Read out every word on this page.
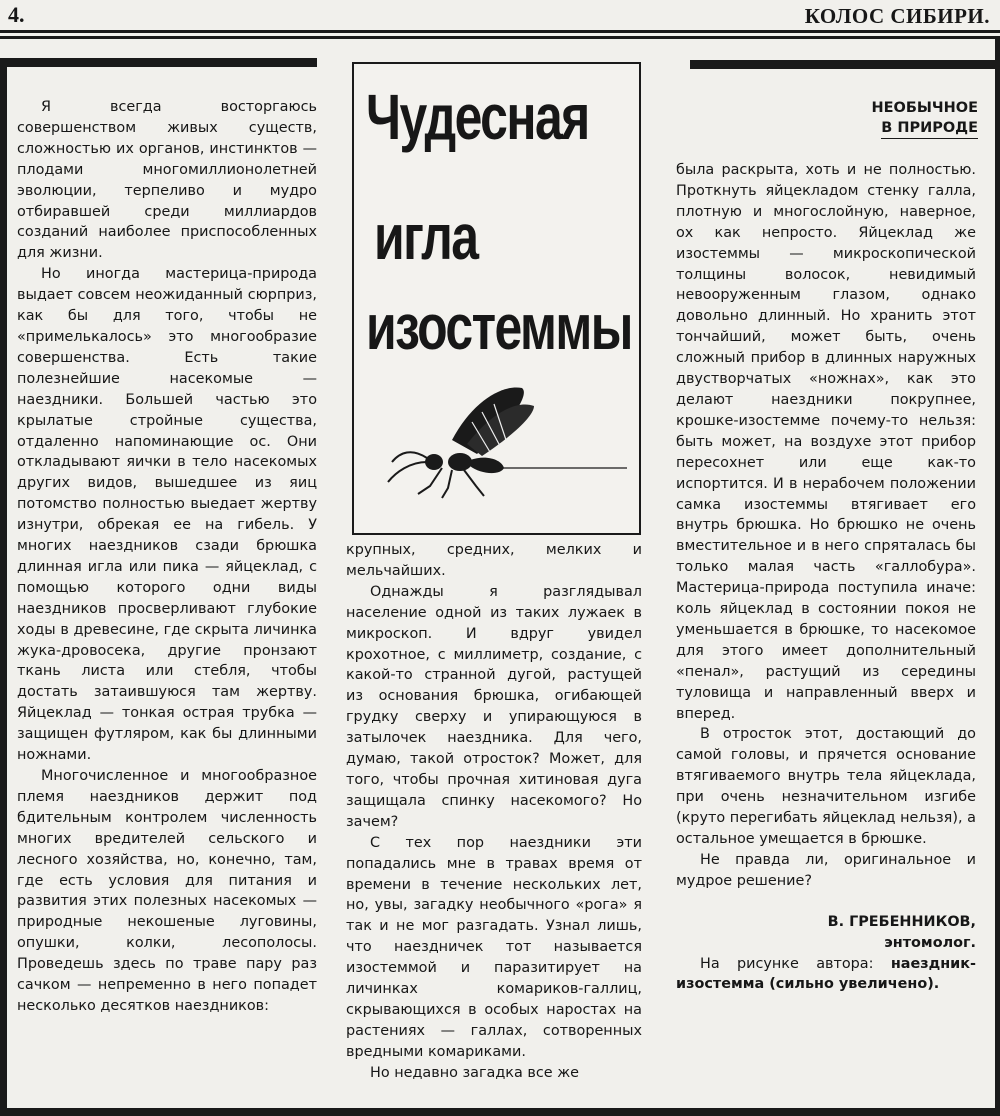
4.	КОЛОС СИБИРИ.

Я всегда восторгаюсь совершенством живых существ, сложностью их органов, инстинктов — плодами многомиллионолетней эволюции, терпеливо и мудро отбиравшей среди миллиардов созданий наиболее приспособленных для жизни.

Но иногда мастерица-природа выдает совсем неожиданный сюрприз, как бы для того, чтобы не «примелькалось» это многообразие совершенства. Есть такие полезнейшие насекомые — наездники. Большей частью это крылатые стройные существа, отдаленно напоминающие ос. Они откладывают яички в тело насекомых других видов, вышедшее из яиц потомство полностью выедает жертву изнутри, обрекая ее на гибель. У многих наездников сзади брюшка длинная игла или пика — яйцеклад, с помощью которого одни виды наездников просверливают глубокие ходы в древесине, где скрыта личинка жука-дровосека, другие пронзают ткань листа или стебля, чтобы достать затаившуюся там жертву. Яйцеклад — тонкая острая трубка — защищен футляром, как бы длинными ножнами.

Многочисленное и многообразное племя наездников держит под бдительным контролем численность многих вредителей сельского и лесного хозяйства, но, конечно, там, где есть условия для питания и развития этих полезных насекомых — природные некошеные луговины, опушки, колки, лесополосы. Проведешь здесь по траве пару раз сачком — непременно в него попадет несколько десятков наездников:

Чудесная
игла
изостеммы
НЕОБЫЧНОЕ
В ПРИРОДЕ

крупных, средних, мелких и мельчайших.

Однажды я разглядывал население одной из таких лужаек в микроскоп. И вдруг увидел крохотное, с миллиметр, создание, с какой-то странной дугой, растущей из основания брюшка, огибающей грудку сверху и упирающуюся в затылочек наездника. Для чего, думаю, такой отросток? Может, для того, чтобы прочная хитиновая дуга защищала спинку насекомого? Но зачем?

С тех пор наездники эти попадались мне в травах время от времени в течение нескольких лет, но, увы, загадку необычного «рога» я так и не мог разгадать. Узнал лишь, что наездничек тот называется изостеммой и паразитирует на личинках комариков-галлиц, скрывающихся в особых наростах на растениях — галлах, сотворенных вредными комариками.

Но недавно загадка все же

была раскрыта, хоть и не полностью. Проткнуть яйцекладом стенку галла, плотную и многослойную, наверное, ох как непросто. Яйцеклад же изостеммы — микроскопической толщины волосок, невидимый невооруженным глазом, однако довольно длинный. Но хранить этот тончайший, может быть, очень сложный прибор в длинных наружных двустворчатых «ножнах», как это делают наездники покрупнее, крошке-изостемме почему-то нельзя: быть может, на воздухе этот прибор пересохнет или еще как-то испортится. И в нерабочем положении самка изостеммы втягивает его внутрь брюшка. Но брюшко не очень вместительное и в него спряталась бы только малая часть «галлобура». Мастерица-природа поступила иначе: коль яйцеклад в состоянии покоя не уменьшается в брюшке, то насекомое для этого имеет дополнительный «пенал», растущий из середины туловища и направленный вверх и вперед.

В отросток этот, достающий до самой головы, и прячется основание втягиваемого внутрь тела яйцеклада, при очень незначительном изгибе (круто перегибать яйцеклад нельзя), а остальное умещается в брюшке.

Не правда ли, оригинальное и мудрое решение?

В. ГРЕБЕННИКОВ,
энтомолог.

На рисунке автора: наездник-изостемма (сильно увеличено).
